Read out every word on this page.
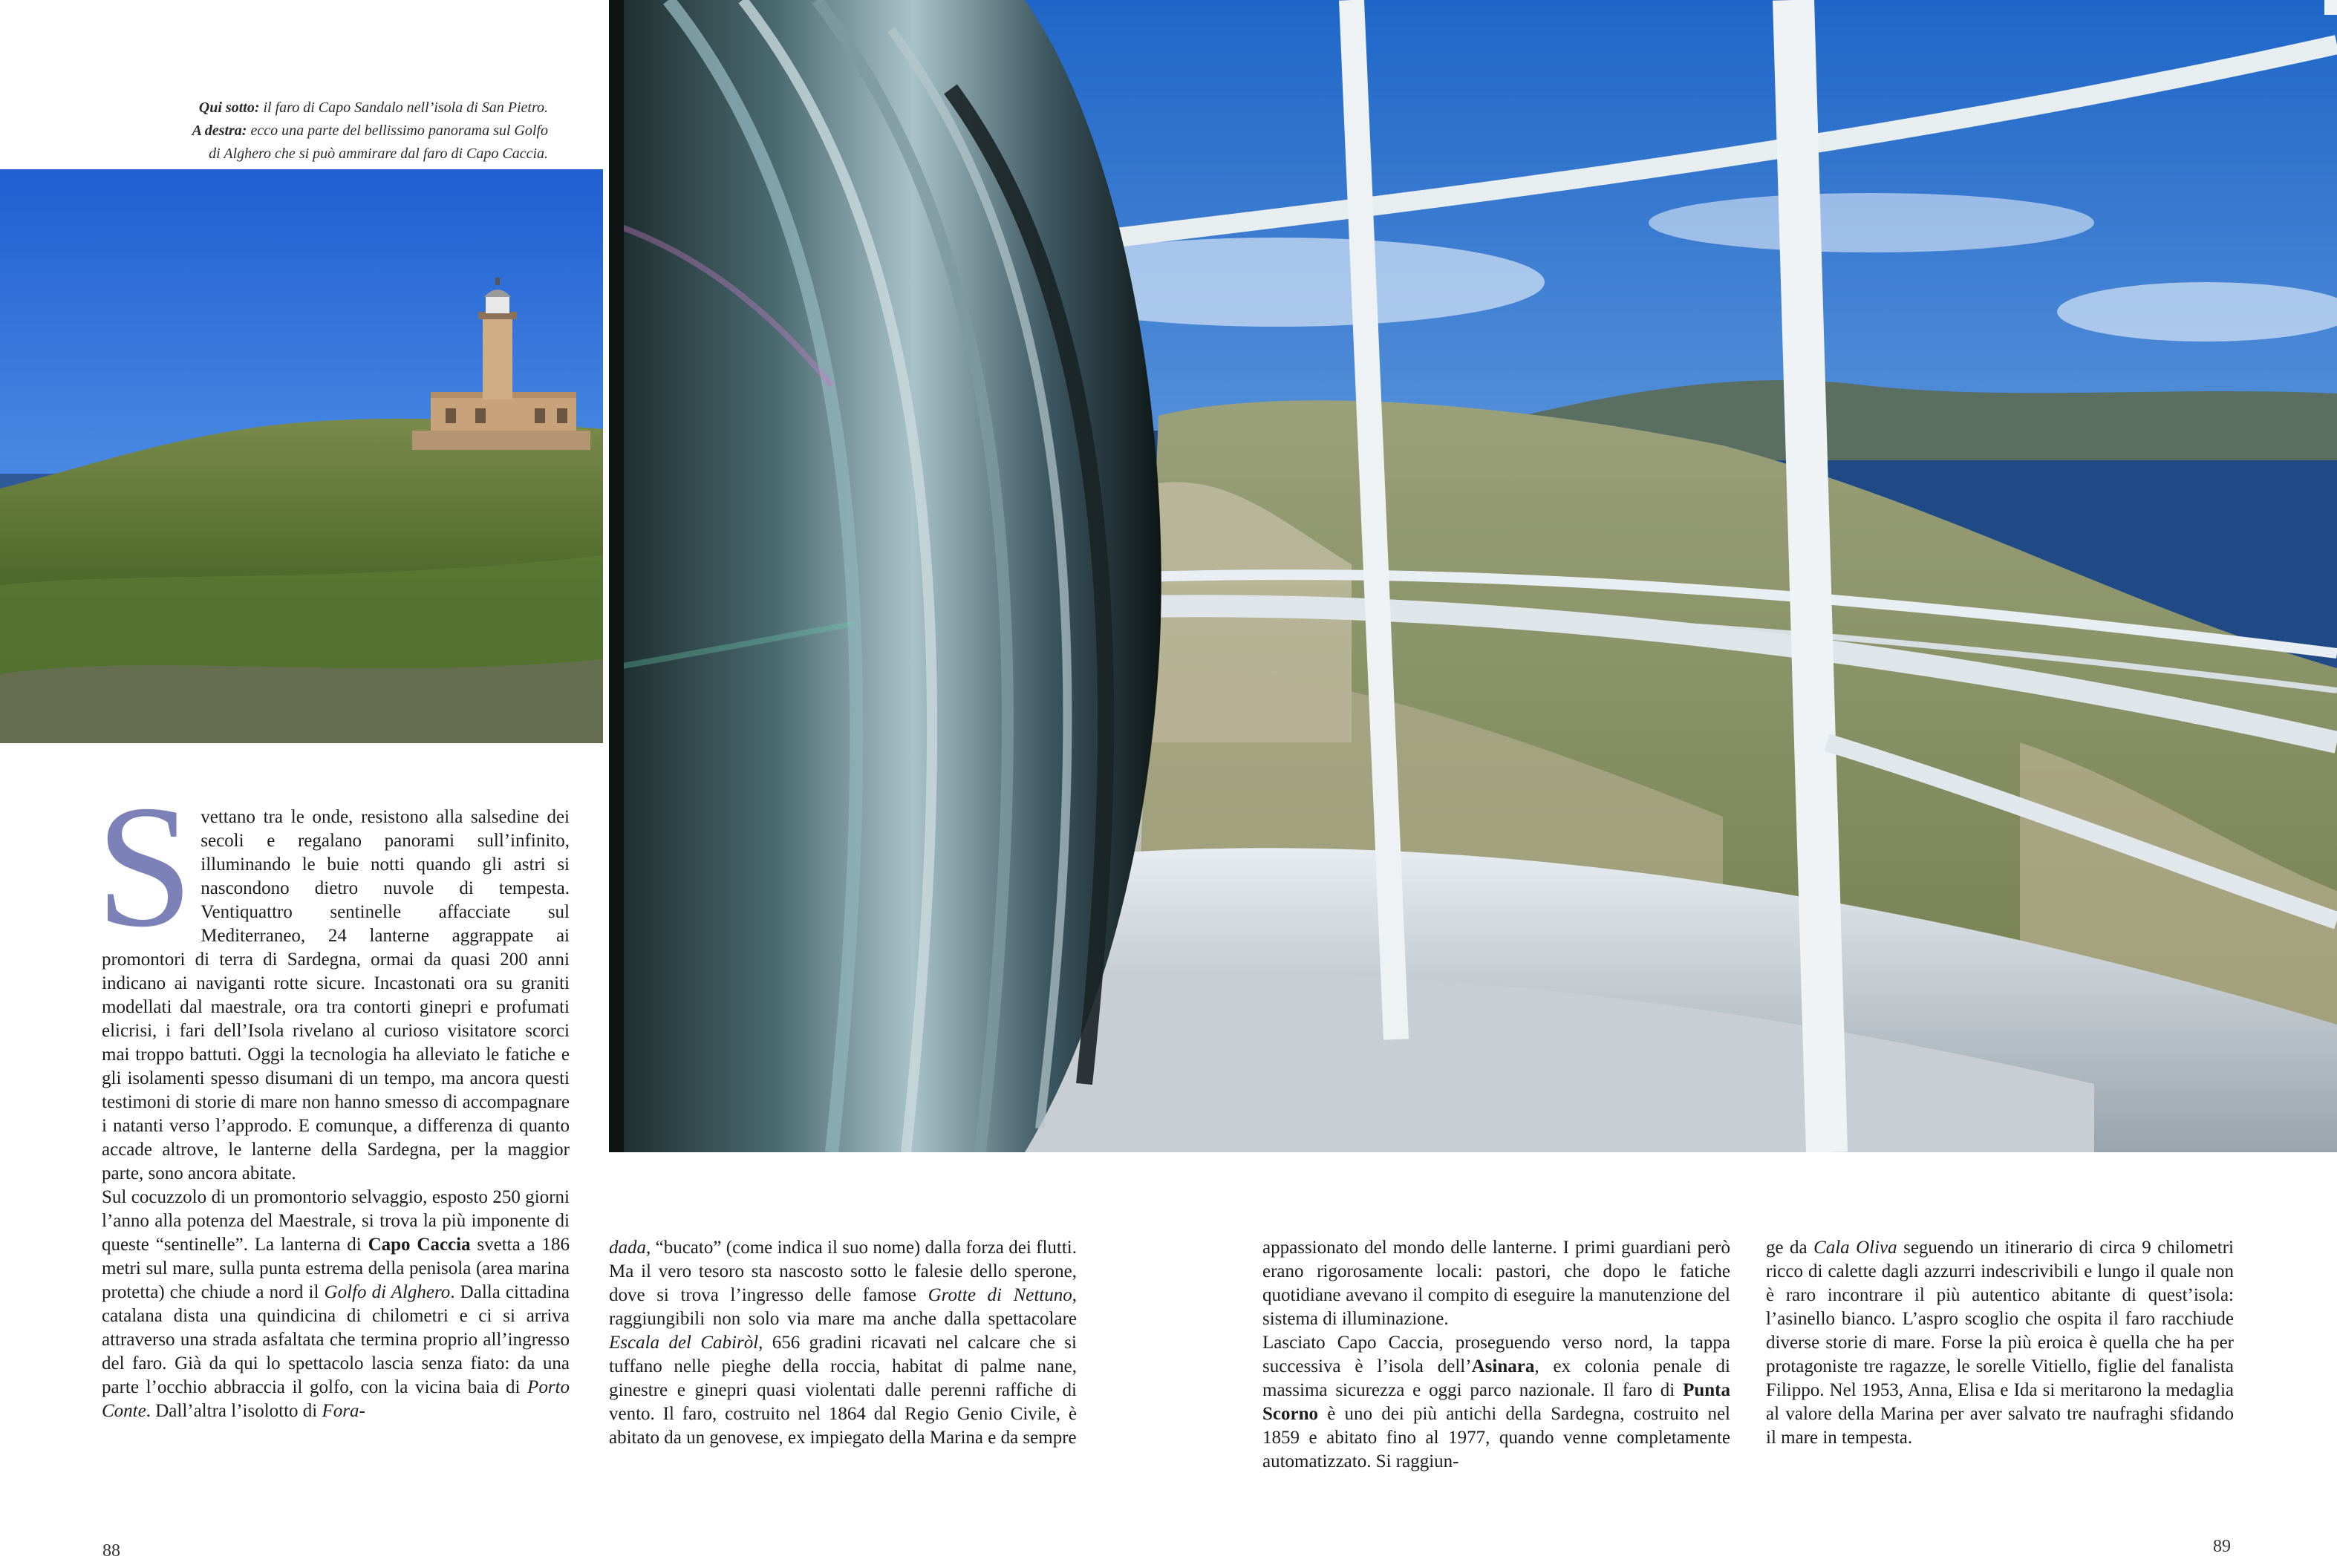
Qui sotto: il faro di Capo Sandalo nell’isola di San Pietro.

A destra: ecco una parte del bellissimo panorama sul Golfo

di Alghero che si può ammirare dal faro di Capo Caccia.

Svettano tra le onde, resistono alla salsedine dei secoli e regalano panorami sull’infinito, illuminando le buie notti quando gli astri si nascondono dietro nuvole di tempesta. Ventiquattro sentinelle affacciate sul Mediterraneo, 24 lanterne aggrappate ai promontori di terra di Sardegna, ormai da quasi 200 anni indicano ai naviganti rotte sicure. Incastonati ora su graniti modellati dal maestrale, ora tra contorti ginepri e profumati elicrisi, i fari dell’Isola rivelano al curioso visitatore scorci mai troppo battuti. Oggi la tecnologia ha alleviato le fatiche e gli isolamenti spesso disumani di un tempo, ma ancora questi testimoni di storie di mare non hanno smesso di accompagnare i natanti verso l’approdo. E comunque, a differenza di quanto accade altrove, le lanterne della Sardegna, per la maggior parte, sono ancora abitate.

Sul cocuzzolo di un promontorio selvaggio, esposto 250 giorni l’anno alla potenza del Maestrale, si trova la più imponente di queste “sentinelle”. La lanterna di Capo Caccia svetta a 186 metri sul mare, sulla punta estrema della penisola (area marina protetta) che chiude a nord il Golfo di Alghero. Dalla cittadina catalana dista una quindicina di chilometri e ci si arriva attraverso una strada asfaltata che termina proprio all’ingresso del faro. Già da qui lo spettacolo lascia senza fiato: da una parte l’occhio abbraccia il golfo, con la vicina baia di Porto Conte. Dall’altra l’isolotto di Fora-

dada, “bucato” (come indica il suo nome) dalla forza dei flutti. Ma il vero tesoro sta nascosto sotto le falesie dello sperone, dove si trova l’ingresso delle famose Grotte di Nettuno, raggiungibili non solo via mare ma anche dalla spettacolare Escala del Cabiròl, 656 gradini ricavati nel calcare che si tuffano nelle pieghe della roccia, habitat di palme nane, ginestre e ginepri quasi violentati dalle perenni raffiche di vento. Il faro, costruito nel 1864 dal Regio Genio Civile, è abitato da un genovese, ex impiegato della Marina e da sempre

appassionato del mondo delle lanterne. I primi guardiani però erano rigorosamente locali: pastori, che dopo le fatiche quotidiane avevano il compito di eseguire la manutenzione del sistema di illuminazione.

Lasciato Capo Caccia, proseguendo verso nord, la tappa successiva è l’isola dell’Asinara, ex colonia penale di massima sicurezza e oggi parco nazionale. Il faro di Punta Scorno è uno dei più antichi della Sardegna, costruito nel 1859 e abitato fino al 1977, quando venne completamente automatizzato. Si raggiun-

ge da Cala Oliva seguendo un itinerario di circa 9 chilometri ricco di calette dagli azzurri indescrivibili e lungo il quale non è raro incontrare il più autentico abitante di quest’isola: l’asinello bianco. L’aspro scoglio che ospita il faro racchiude diverse storie di mare. Forse la più eroica è quella che ha per protagoniste tre ragazze, le sorelle Vitiello, figlie del fanalista Filippo. Nel 1953, Anna, Elisa e Ida si meritarono la medaglia al valore della Marina per aver salvato tre naufraghi sfidando il mare in tempesta.

88	89
